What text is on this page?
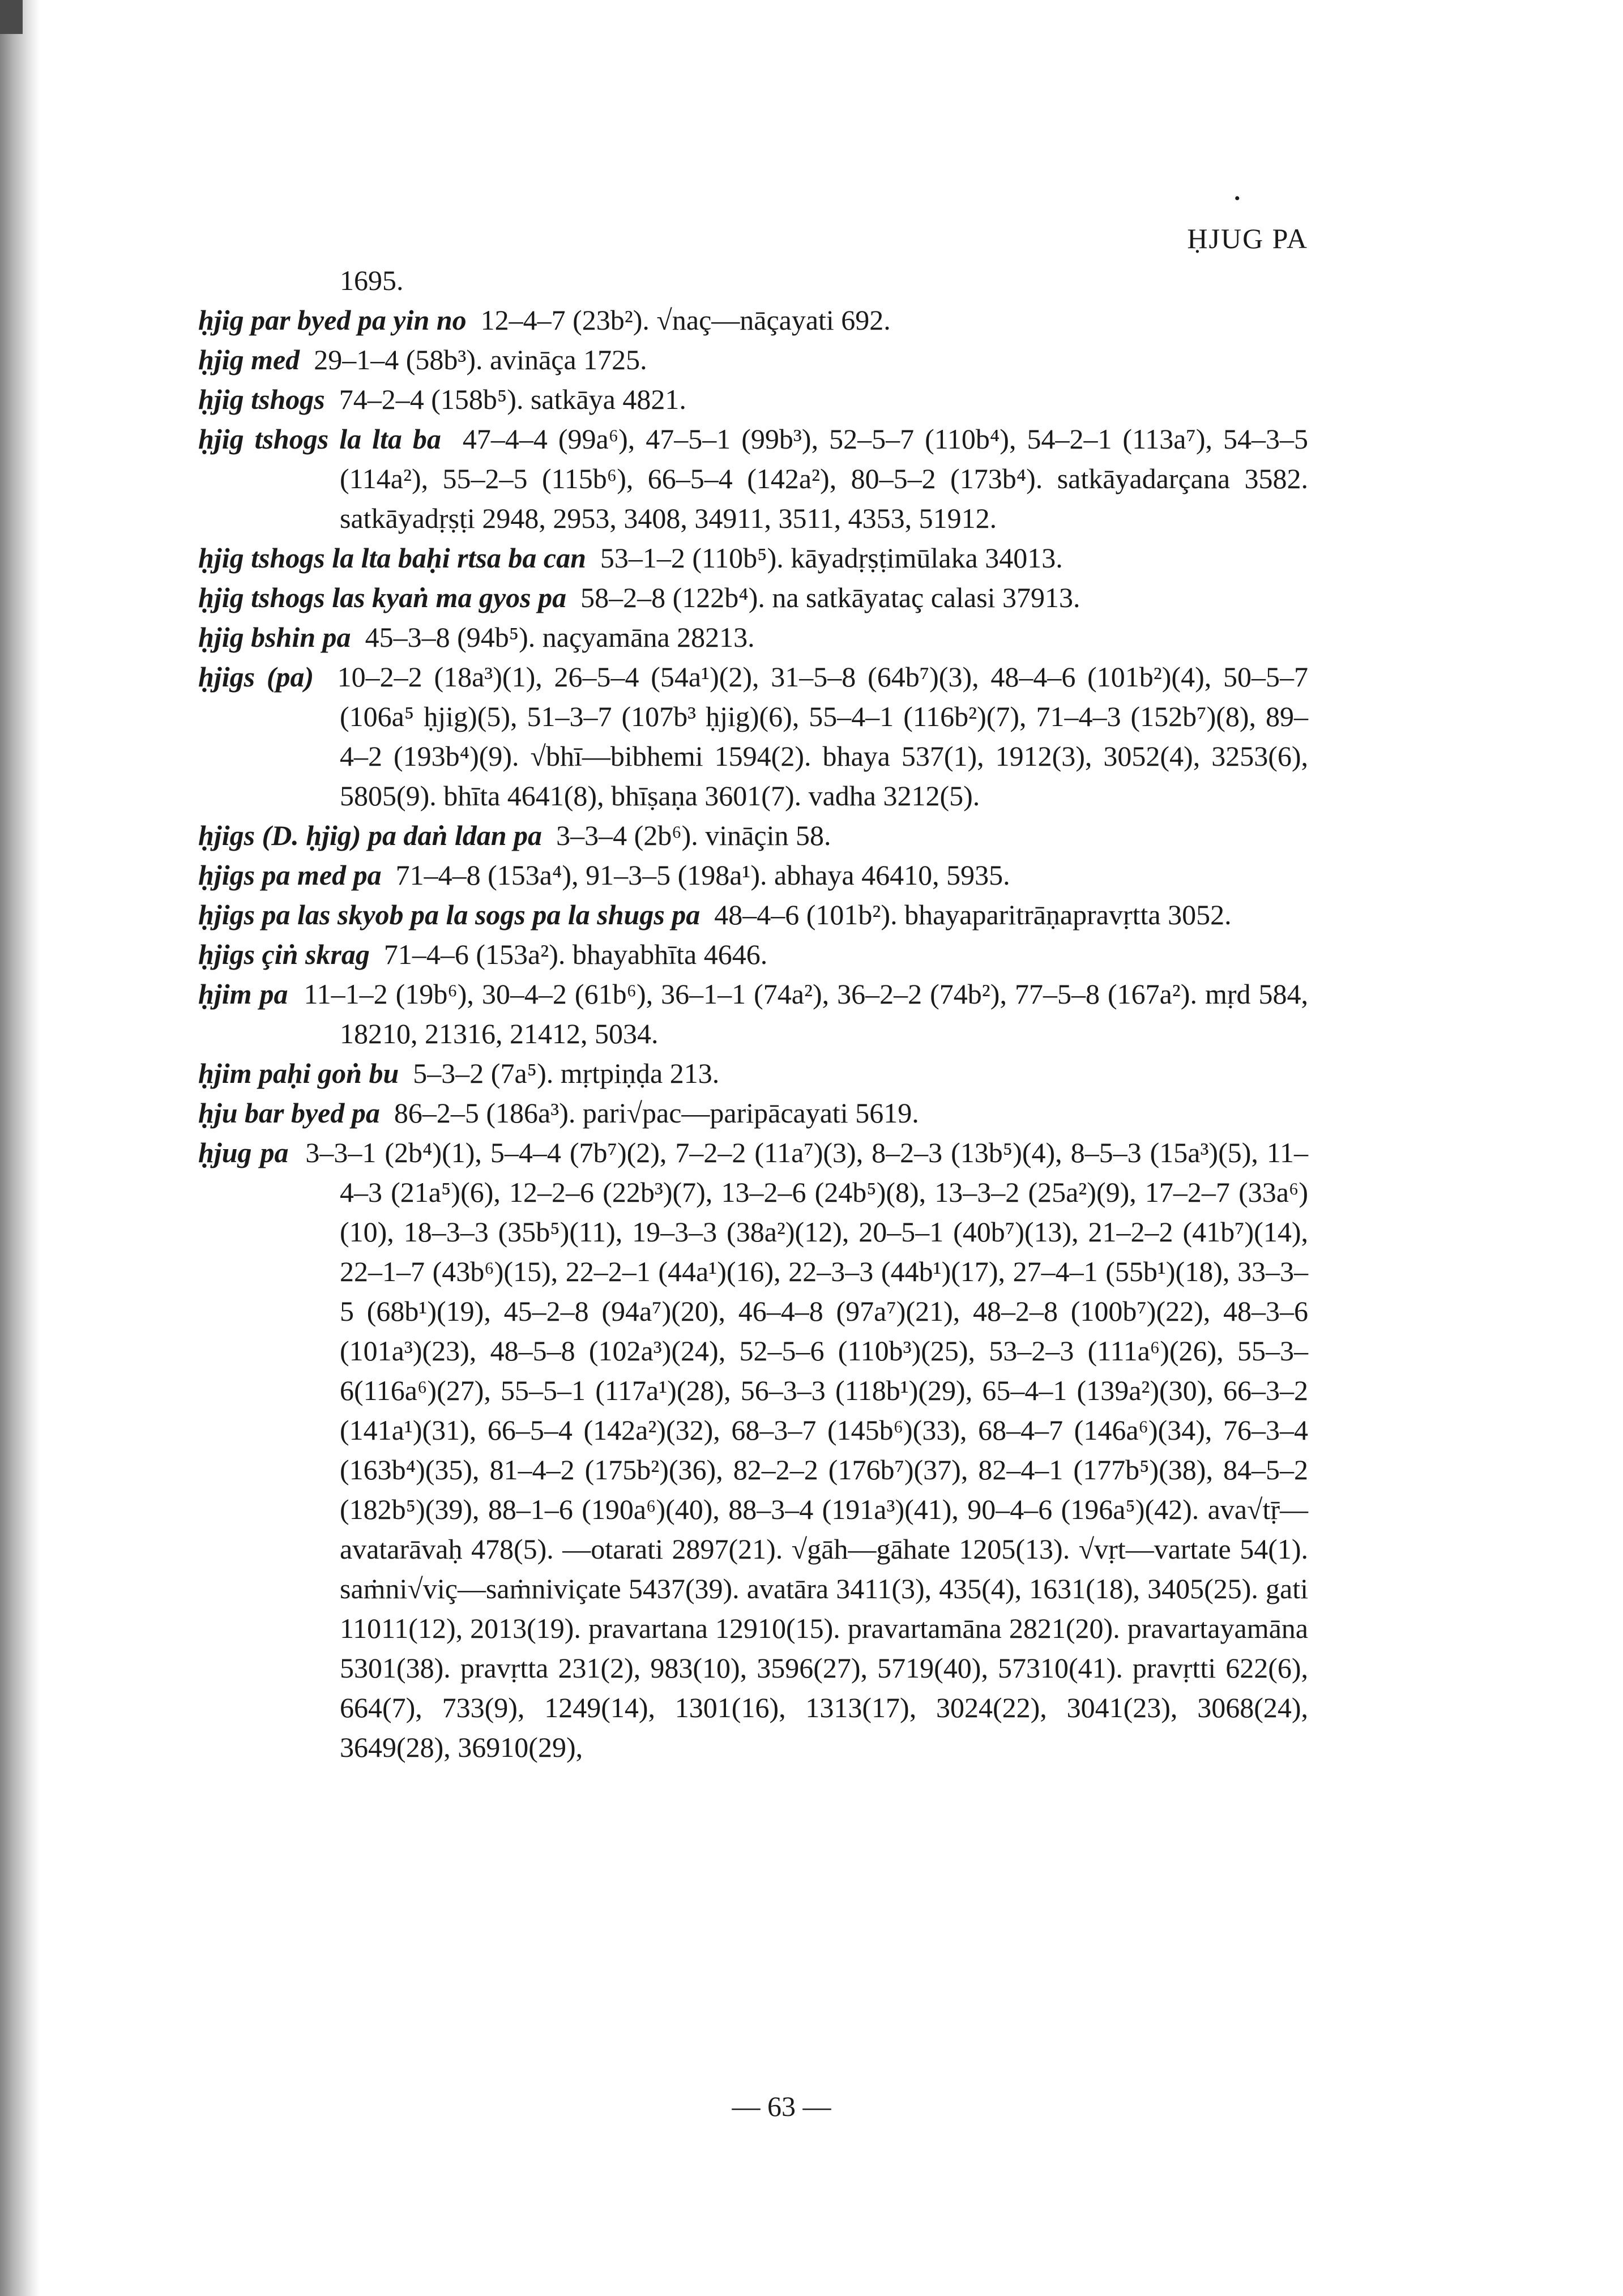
•
ḤJUG PA

1695.

ḥjig par byed pa yin no 12–4–7 (23b²). √naç—nāçayati 692.

ḥjig med 29–1–4 (58b³). avināça 1725.

ḥjig tshogs 74–2–4 (158b⁵). satkāya 4821.

ḥjig tshogs la lta ba 47–4–4 (99a⁶), 47–5–1 (99b³), 52–5–7 (110b⁴), 54–2–1 (113a⁷), 54–3–5 (114a²), 55–2–5 (115b⁶), 66–5–4 (142a²), 80–5–2 (173b⁴). satkāyadarçana 3582. satkāyadṛṣṭi 2948, 2953, 3408, 34911, 3511, 4353, 51912.

ḥjig tshogs la lta baḥi rtsa ba can 53–1–2 (110b⁵). kāyadṛṣṭimūlaka 34013.

ḥjig tshogs las kyaṅ ma gyos pa 58–2–8 (122b⁴). na satkāyataç calasi 37913.

ḥjig bshin pa 45–3–8 (94b⁵). naçyamāna 28213.

ḥjigs (pa) 10–2–2 (18a³)(1), 26–5–4 (54a¹)(2), 31–5–8 (64b⁷)(3), 48–4–6 (101b²)(4), 50–5–7 (106a⁵ ḥjig)(5), 51–3–7 (107b³ ḥjig)(6), 55–4–1 (116b²)(7), 71–4–3 (152b⁷)(8), 89–4–2 (193b⁴)(9). √bhī—bibhemi 1594(2). bhaya 537(1), 1912(3), 3052(4), 3253(6), 5805(9). bhīta 4641(8), bhīṣaṇa 3601(7). vadha 3212(5).

ḥjigs (D. ḥjig) pa daṅ ldan pa 3–3–4 (2b⁶). vināçin 58.

ḥjigs pa med pa 71–4–8 (153a⁴), 91–3–5 (198a¹). abhaya 46410, 5935.

ḥjigs pa las skyob pa la sogs pa la shugs pa 48–4–6 (101b²). bhayaparitrāṇapravṛtta 3052.

ḥjigs çiṅ skrag 71–4–6 (153a²). bhayabhīta 4646.

ḥjim pa 11–1–2 (19b⁶), 30–4–2 (61b⁶), 36–1–1 (74a²), 36–2–2 (74b²), 77–5–8 (167a²). mṛd 584, 18210, 21316, 21412, 5034.

ḥjim paḥi goṅ bu 5–3–2 (7a⁵). mṛtpiṇḍa 213.

ḥju bar byed pa 86–2–5 (186a³). pari√pac—paripācayati 5619.

ḥjug pa 3–3–1 (2b⁴)(1), 5–4–4 (7b⁷)(2), 7–2–2 (11a⁷)(3), 8–2–3 (13b⁵)(4), 8–5–3 (15a³)(5), 11–4–3 (21a⁵)(6), 12–2–6 (22b³)(7), 13–2–6 (24b⁵)(8), 13–3–2 (25a²)(9), 17–2–7 (33a⁶)(10), 18–3–3 (35b⁵)(11), 19–3–3 (38a²)(12), 20–5–1 (40b⁷)(13), 21–2–2 (41b⁷)(14), 22–1–7 (43b⁶)(15), 22–2–1 (44a¹)(16), 22–3–3 (44b¹)(17), 27–4–1 (55b¹)(18), 33–3–5 (68b¹)(19), 45–2–8 (94a⁷)(20), 46–4–8 (97a⁷)(21), 48–2–8 (100b⁷)(22), 48–3–6 (101a³)(23), 48–5–8 (102a³)(24), 52–5–6 (110b³)(25), 53–2–3 (111a⁶)(26), 55–3–6(116a⁶)(27), 55–5–1 (117a¹)(28), 56–3–3 (118b¹)(29), 65–4–1 (139a²)(30), 66–3–2 (141a¹)(31), 66–5–4 (142a²)(32), 68–3–7 (145b⁶)(33), 68–4–7 (146a⁶)(34), 76–3–4 (163b⁴)(35), 81–4–2 (175b²)(36), 82–2–2 (176b⁷)(37), 82–4–1 (177b⁵)(38), 84–5–2 (182b⁵)(39), 88–1–6 (190a⁶)(40), 88–3–4 (191a³)(41), 90–4–6 (196a⁵)(42). ava√tṝ—avatarāvaḥ 478(5). —otarati 2897(21). √gāh—gāhate 1205(13). √vṛt—vartate 54(1). saṁni√viç—saṁniviçate 5437(39). avatāra 3411(3), 435(4), 1631(18), 3405(25). gati 11011(12), 2013(19). pravartana 12910(15). pravartamāna 2821(20). pravartayamāna 5301(38). pravṛtta 231(2), 983(10), 3596(27), 5719(40), 57310(41). pravṛtti 622(6), 664(7), 733(9), 1249(14), 1301(16), 1313(17), 3024(22), 3041(23), 3068(24), 3649(28), 36910(29),

— 63 —
